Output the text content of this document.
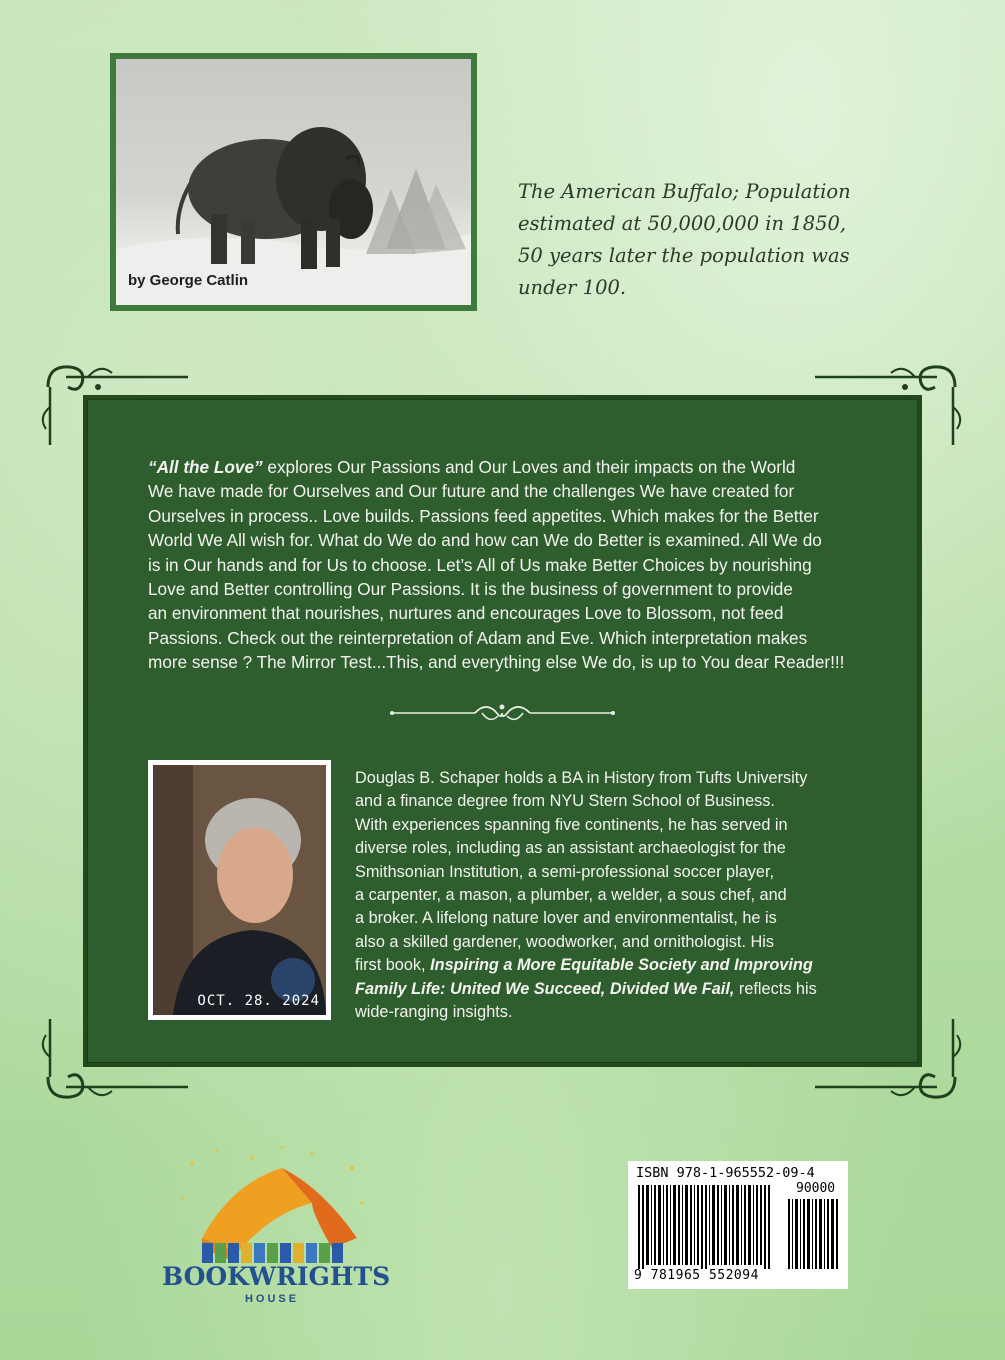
by George Catlin
The American Buffalo; Population
estimated at 50,000,000 in 1850,
50 years later the population was
under 100.
“All the Love” explores Our Passions and Our Loves and their impacts on the World
We have made for Ourselves and Our future and the challenges We have created for
Ourselves in process.. Love builds. Passions feed appetites. Which makes for the Better
World We All wish for. What do We do and how can We do Better is examined. All We do
is in Our hands and for Us to choose. Let’s All of Us make Better Choices by nourishing
Love and Better controlling Our Passions. It is the business of government to provide
an environment that nourishes, nurtures and encourages Love to Blossom, not feed
Passions. Check out the reinterpretation of Adam and Eve. Which interpretation makes
more sense ? The Mirror Test...This, and everything else We do, is up to You dear Reader!!!
OCT. 28. 2024
Douglas B. Schaper holds a BA in History from Tufts University
and a finance degree from NYU Stern School of Business.
With experiences spanning five continents, he has served in
diverse roles, including as an assistant archaeologist for the
Smithsonian Institution, a semi-professional soccer player,
a carpenter, a mason, a plumber, a welder, a sous chef, and
a broker. A lifelong nature lover and environmentalist, he is
also a skilled gardener, woodworker, and ornithologist. His
first book, Inspiring a More Equitable Society and Improving
Family Life: United We Succeed, Divided We Fail, reflects his
wide-ranging insights.
BOOKWRIGHTS
HOUSE
ISBN 978-1-965552-09-4
90000
9 781965 552094
